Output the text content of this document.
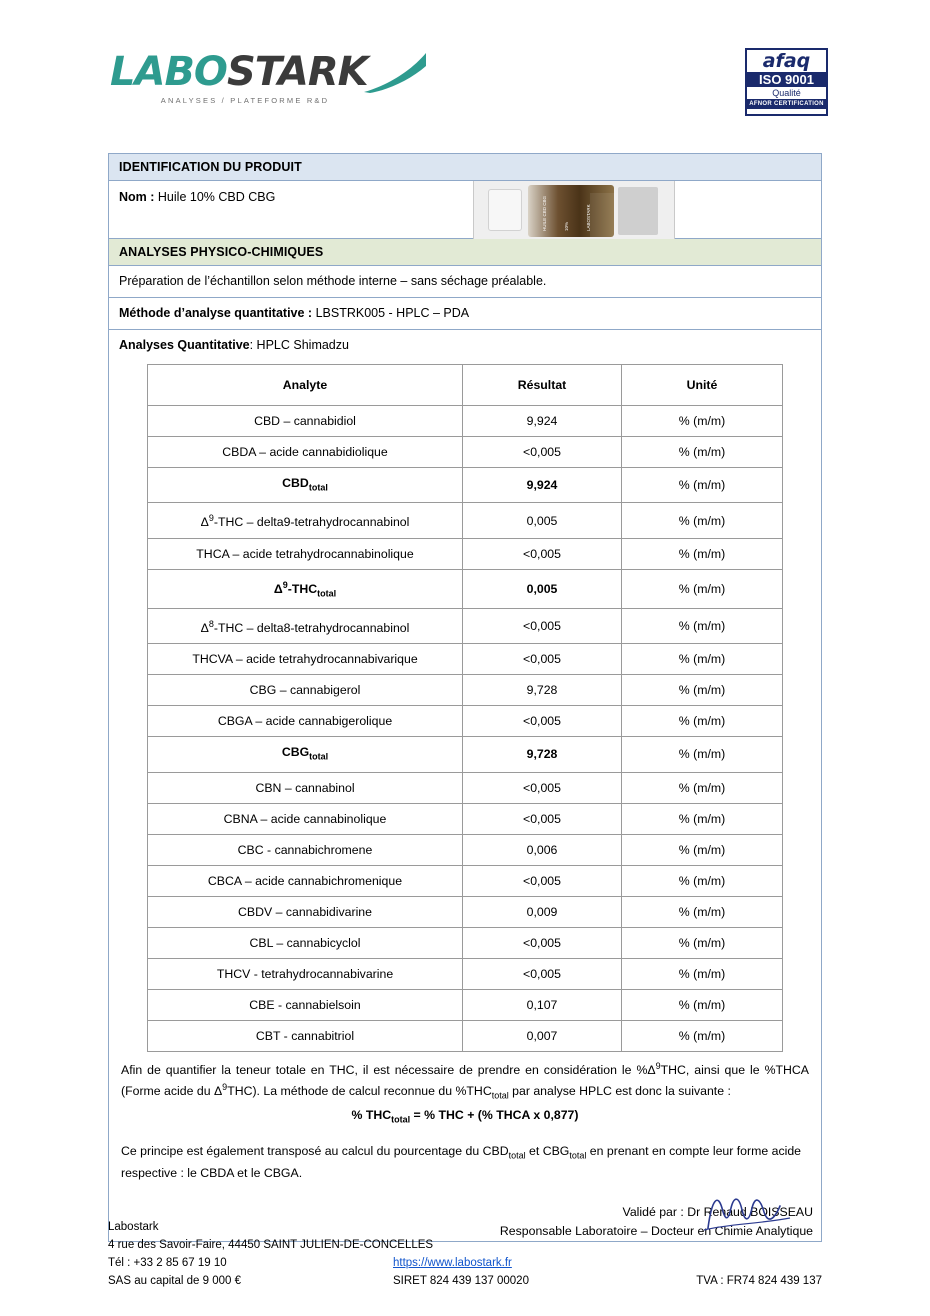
LABOSTARK
ANALYSES / PLATEFORME R&D
afaq
ISO 9001
Qualité
AFNOR CERTIFICATION
IDENTIFICATION DU PRODUIT
Nom : Huile 10% CBD CBG	HUILE CBD CBG	10%	LABOSTARK
ANALYSES PHYSICO-CHIMIQUES
Préparation de l’échantillon selon méthode interne – sans séchage préalable.
Méthode d’analyse quantitative : LBSTRK005 - HPLC – PDA
Analyses Quantitative: HPLC Shimadzu
Analyte	Résultat	Unité
CBD – cannabidiol	9,924	% (m/m)
CBDA – acide cannabidiolique	<0,005	% (m/m)
$CBD_{total}$	9,924	% (m/m)
$\Delta^9$-THC – delta9-tetrahydrocannabinol	0,005	% (m/m)
THCA – acide tetrahydrocannabinolique	<0,005	% (m/m)
$\Delta^9-THC_{total}$	0,005	% (m/m)
$\Delta^8$-THC – delta8-tetrahydrocannabinol	<0,005	% (m/m)
THCVA – acide tetrahydrocannabivarique	<0,005	% (m/m)
CBG – cannabigerol	9,728	% (m/m)
CBGA – acide cannabigerolique	<0,005	% (m/m)
$CBG_{total}$	9,728	% (m/m)
CBN – cannabinol	<0,005	% (m/m)
CBNA – acide cannabinolique	<0,005	% (m/m)
CBC - cannabichromene	0,006	% (m/m)
CBCA – acide cannabichromenique	<0,005	% (m/m)
CBDV – cannabidivarine	0,009	% (m/m)
CBL – cannabicyclol	<0,005	% (m/m)
THCV - tetrahydrocannabivarine	<0,005	% (m/m)
CBE - cannabielsoin	0,107	% (m/m)
CBT - cannabitriol	0,007	% (m/m)
Afin de quantifier la teneur totale en THC, il est nécessaire de prendre en considération le $\%\Delta^9THC$, ainsi que le %THCA (Forme acide du $\Delta^9THC$). La méthode de calcul reconnue du $\%THC_{total}$ par analyse HPLC est donc la suivante :
% $THC_{total}$ = % THC + (% THCA x 0,877)
Ce principe est également transposé au calcul du pourcentage du $CBD_{total}$ et $CBG_{total}$ en prenant en compte leur forme acide respective : le CBDA et le CBGA.
Validé par : Dr Renaud BOISSEAU
Responsable Laboratoire – Docteur en Chimie Analytique
Labostark
4 rue des Savoir-Faire, 44450 SAINT JULIEN-DE-CONCELLES
Tél : +33 2 85 67 19 10	https://www.labostark.fr
SAS au capital de 9 000 €	SIRET 824 439 137 00020	TVA : FR74 824 439 137
